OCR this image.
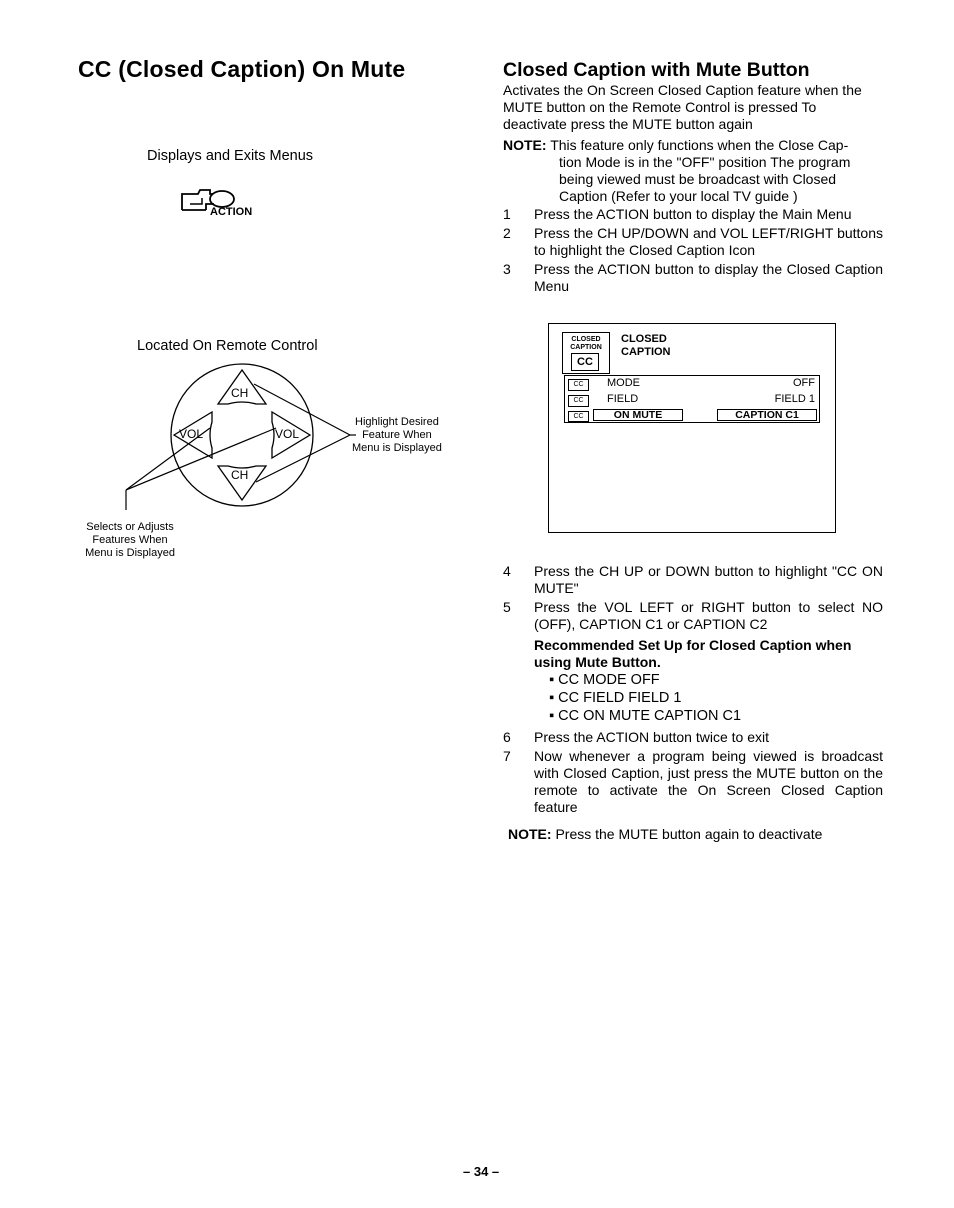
CC (Closed Caption) On Mute
Displays and Exits Menus
ACTION
Located On Remote Control
CH
CH
VOL	VOL
Highlight Desired
Feature When
Menu is Displayed
Selects or Adjusts
Features When
Menu is Displayed
Closed Caption with Mute Button
Activates the On Screen Closed Caption feature when the MUTE button on the Remote Control is pressed To deactivate press the MUTE button again
NOTE: This feature only functions when the Close Cap-
tion Mode is in the "OFF" position The program being viewed must be broadcast with Closed Caption (Refer to your local TV guide )
1 Press the ACTION button to display the Main Menu
2 Press the CH UP/DOWN and VOL LEFT/RIGHT buttons to highlight the Closed Caption Icon
3 Press the ACTION button to display the Closed Caption Menu
CLOSED
CAPTION
CC
CLOSED
CAPTION
CC	MODE	OFF
CC	FIELD	FIELD 1
CC	ON MUTE	CAPTION C1
4 Press the CH UP or DOWN button to highlight "CC ON MUTE"
5 Press the VOL LEFT or RIGHT button to select NO (OFF), CAPTION C1 or CAPTION C2
Recommended Set Up for Closed Caption when using Mute Button.
▪ CC MODE OFF
▪ CC FIELD FIELD 1
▪ CC ON MUTE CAPTION C1
6 Press the ACTION button twice to exit
7 Now whenever a program being viewed is broadcast with Closed Caption, just press the MUTE button on the remote to activate the On Screen Closed Caption feature
NOTE: Press the MUTE button again to deactivate
– 34 –
